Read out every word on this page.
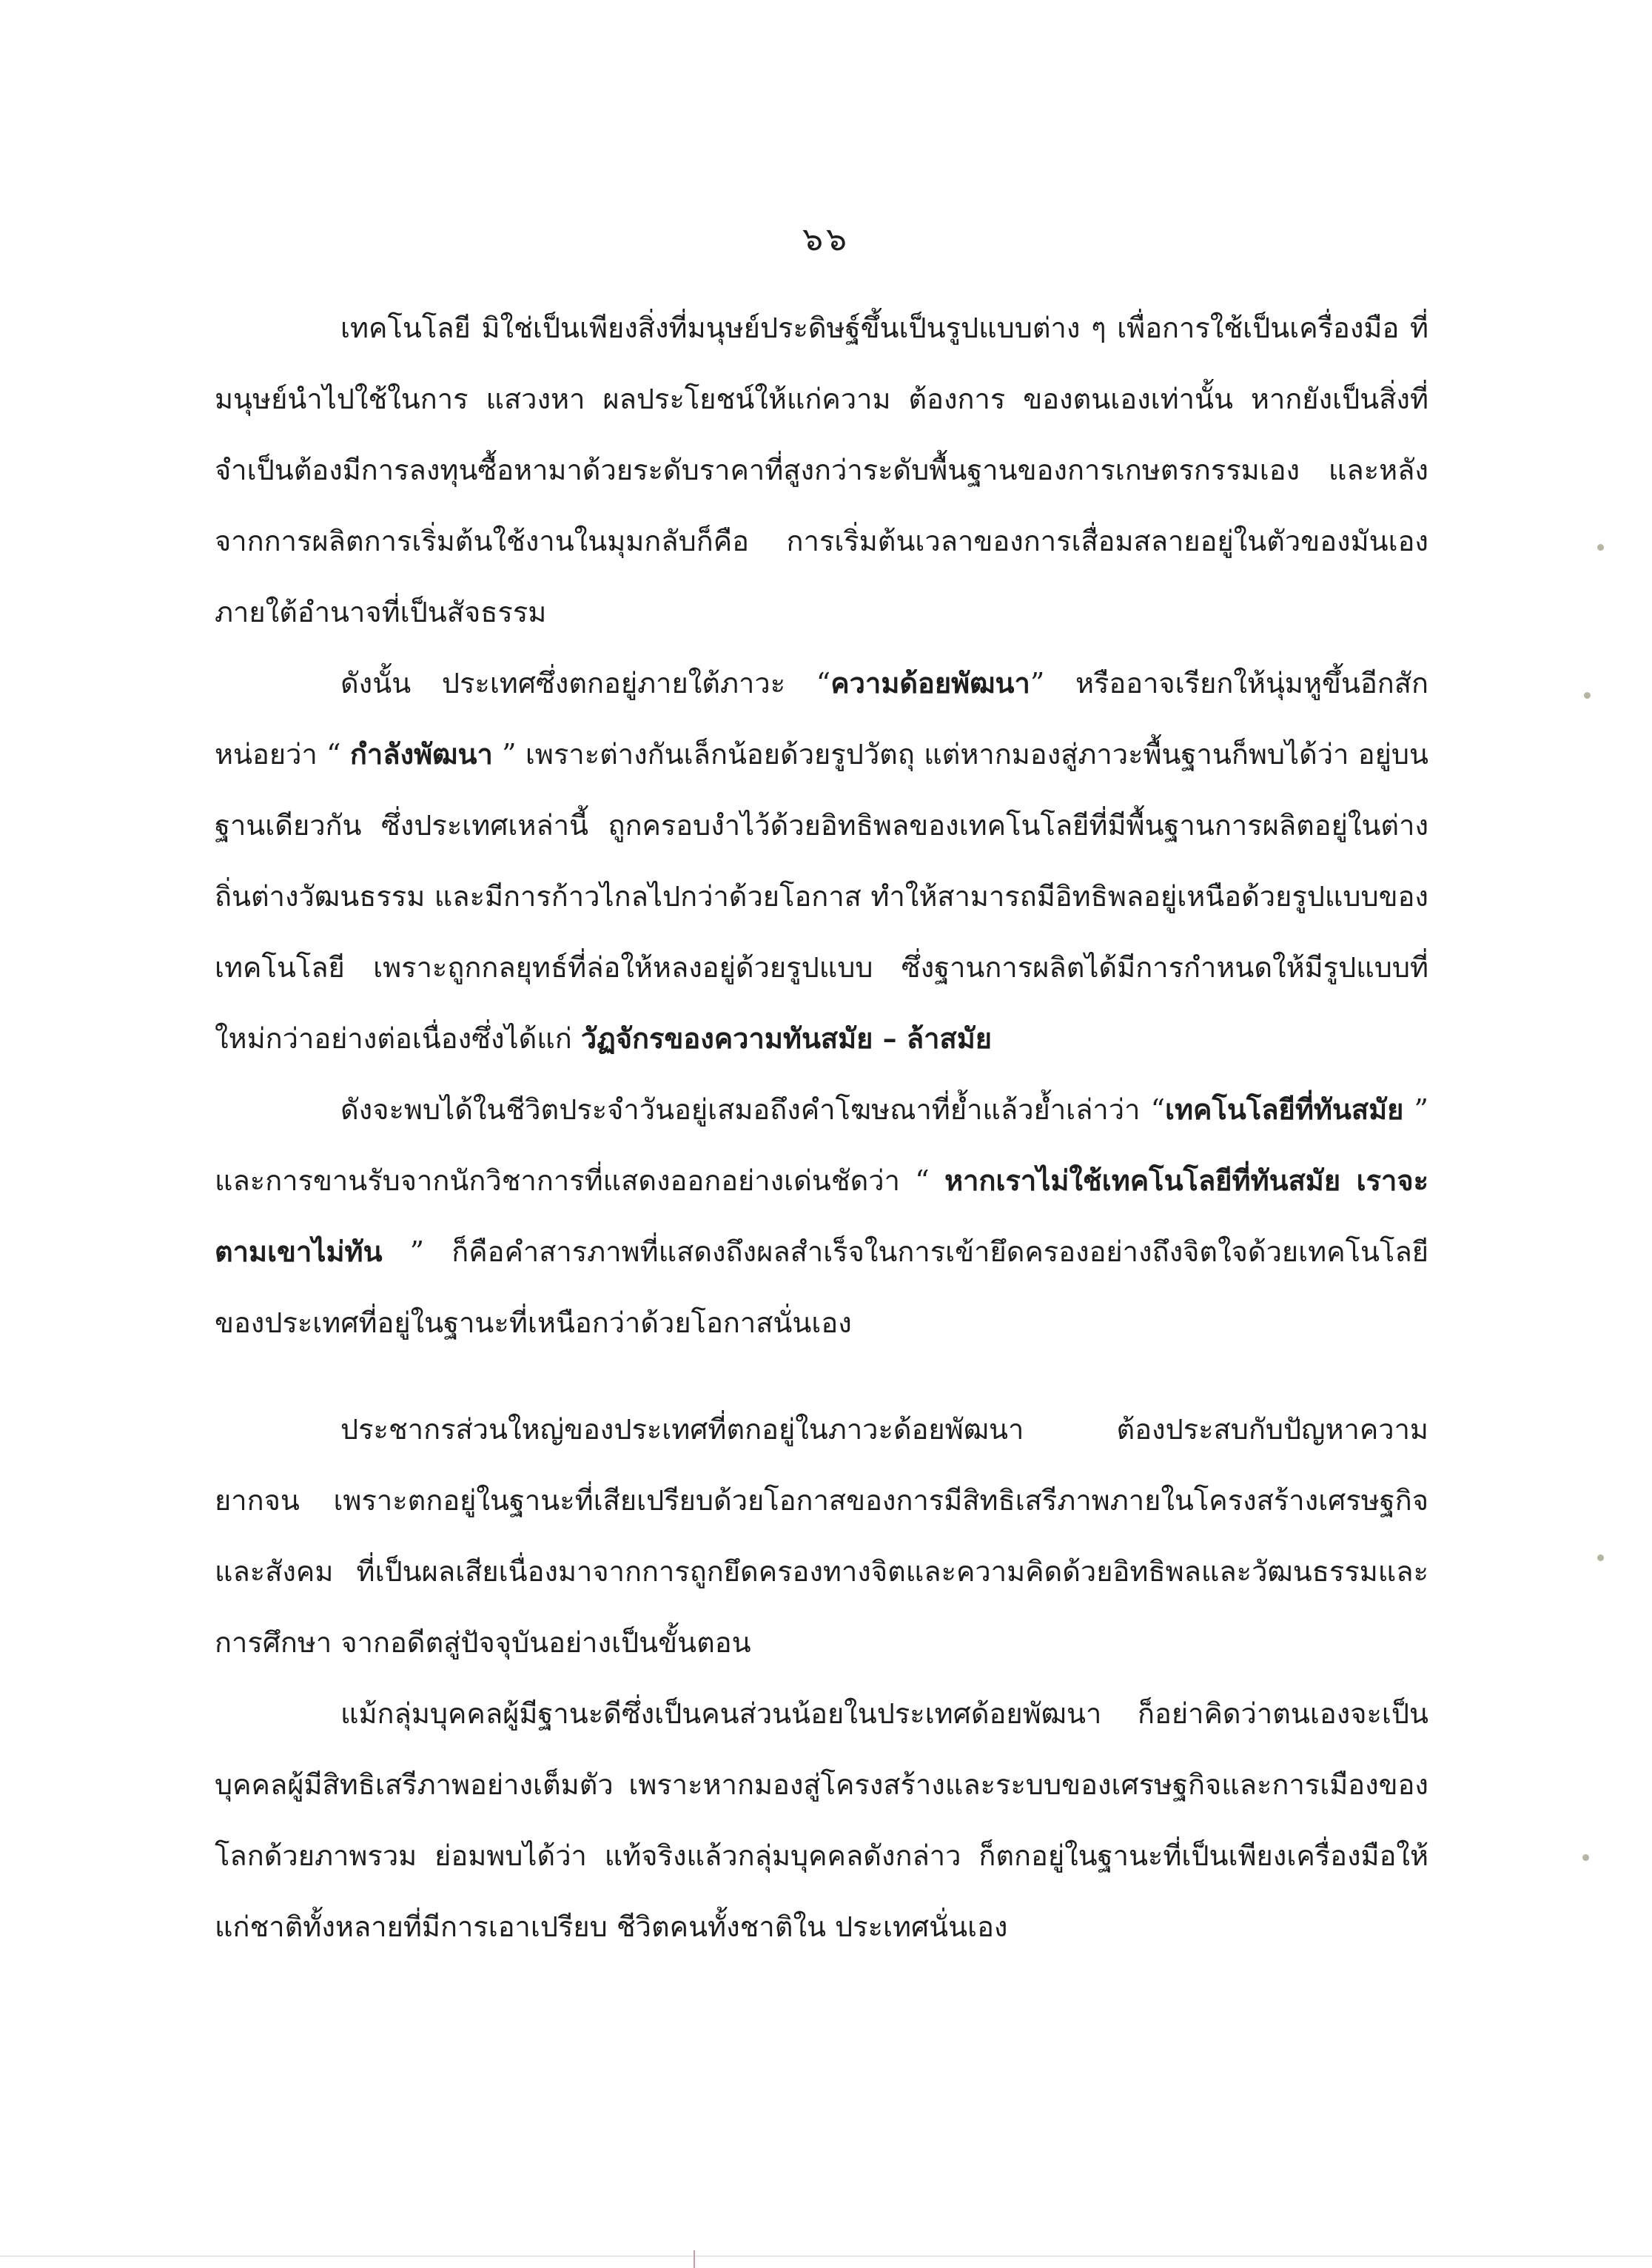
๖๖

เทคโนโลยี มิใช่เป็นเพียงสิ่งที่มนุษย์ประดิษฐ์ขึ้นเป็นรูปแบบต่าง ๆ เพื่อการใช้เป็นเครื่องมือ ที่มนุษย์นำไปใช้ในการ แสวงหา ผลประโยชน์ให้แก่ความ ต้องการ ของตนเองเท่านั้น หากยังเป็นสิ่งที่จำเป็นต้องมีการลงทุนซื้อหามาด้วยระดับราคาที่สูงกว่าระดับพื้นฐานของการเกษตรกรรมเอง และหลังจากการผลิตการเริ่มต้นใช้งานในมุมกลับก็คือ การเริ่มต้นเวลาของการเสื่อมสลายอยู่ในตัวของมันเองภายใต้อำนาจที่เป็นสัจธรรม

ดังนั้น ประเทศซึ่งตกอยู่ภายใต้ภาวะ “ความด้อยพัฒนา” หรืออาจเรียกให้นุ่มหูขึ้นอีกสักหน่อยว่า “ กำลังพัฒนา ” เพราะต่างกันเล็กน้อยด้วยรูปวัตถุ แต่หากมองสู่ภาวะพื้นฐานก็พบได้ว่า อยู่บนฐานเดียวกัน ซึ่งประเทศเหล่านี้ ถูกครอบงำไว้ด้วยอิทธิพลของเทคโนโลยีที่มีพื้นฐานการผลิตอยู่ในต่างถิ่นต่างวัฒนธรรม และมีการก้าวไกลไปกว่าด้วยโอกาส ทำให้สามารถมีอิทธิพลอยู่เหนือด้วยรูปแบบของเทคโนโลยี เพราะถูกกลยุทธ์ที่ล่อให้หลงอยู่ด้วยรูปแบบ ซึ่งฐานการผลิตได้มีการกำหนดให้มีรูปแบบที่ใหม่กว่าอย่างต่อเนื่องซึ่งได้แก่ วัฏจักรของความทันสมัย – ล้าสมัย

ดังจะพบได้ในชีวิตประจำวันอยู่เสมอถึงคำโฆษณาที่ย้ำแล้วย้ำเล่าว่า “เทคโนโลยีที่ทันสมัย ” และการขานรับจากนักวิชาการที่แสดงออกอย่างเด่นชัดว่า “ หากเราไม่ใช้เทคโนโลยีที่ทันสมัย เราจะตามเขาไม่ทัน ” ก็คือคำสารภาพที่แสดงถึงผลสำเร็จในการเข้ายึดครองอย่างถึงจิตใจด้วยเทคโนโลยี ของประเทศที่อยู่ในฐานะที่เหนือกว่าด้วยโอกาสนั่นเอง

ประชากรส่วนใหญ่ของประเทศที่ตกอยู่ในภาวะด้อยพัฒนา ต้องประสบกับปัญหาความยากจน เพราะตกอยู่ในฐานะที่เสียเปรียบด้วยโอกาสของการมีสิทธิเสรีภาพภายในโครงสร้างเศรษฐกิจและสังคม ที่เป็นผลเสียเนื่องมาจากการถูกยึดครองทางจิตและความคิดด้วยอิทธิพลและวัฒนธรรมและการศึกษา จากอดีตสู่ปัจจุบันอย่างเป็นขั้นตอน

แม้กลุ่มบุคคลผู้มีฐานะดีซึ่งเป็นคนส่วนน้อยในประเทศด้อยพัฒนา ก็อย่าคิดว่าตนเองจะเป็นบุคคลผู้มีสิทธิเสรีภาพอย่างเต็มตัว เพราะหากมองสู่โครงสร้างและระบบของเศรษฐกิจและการเมืองของโลกด้วยภาพรวม ย่อมพบได้ว่า แท้จริงแล้วกลุ่มบุคคลดังกล่าว ก็ตกอยู่ในฐานะที่เป็นเพียงเครื่องมือให้แก่ชาติทั้งหลายที่มีการเอาเปรียบ ชีวิตคนทั้งชาติใน ประเทศนั่นเอง
